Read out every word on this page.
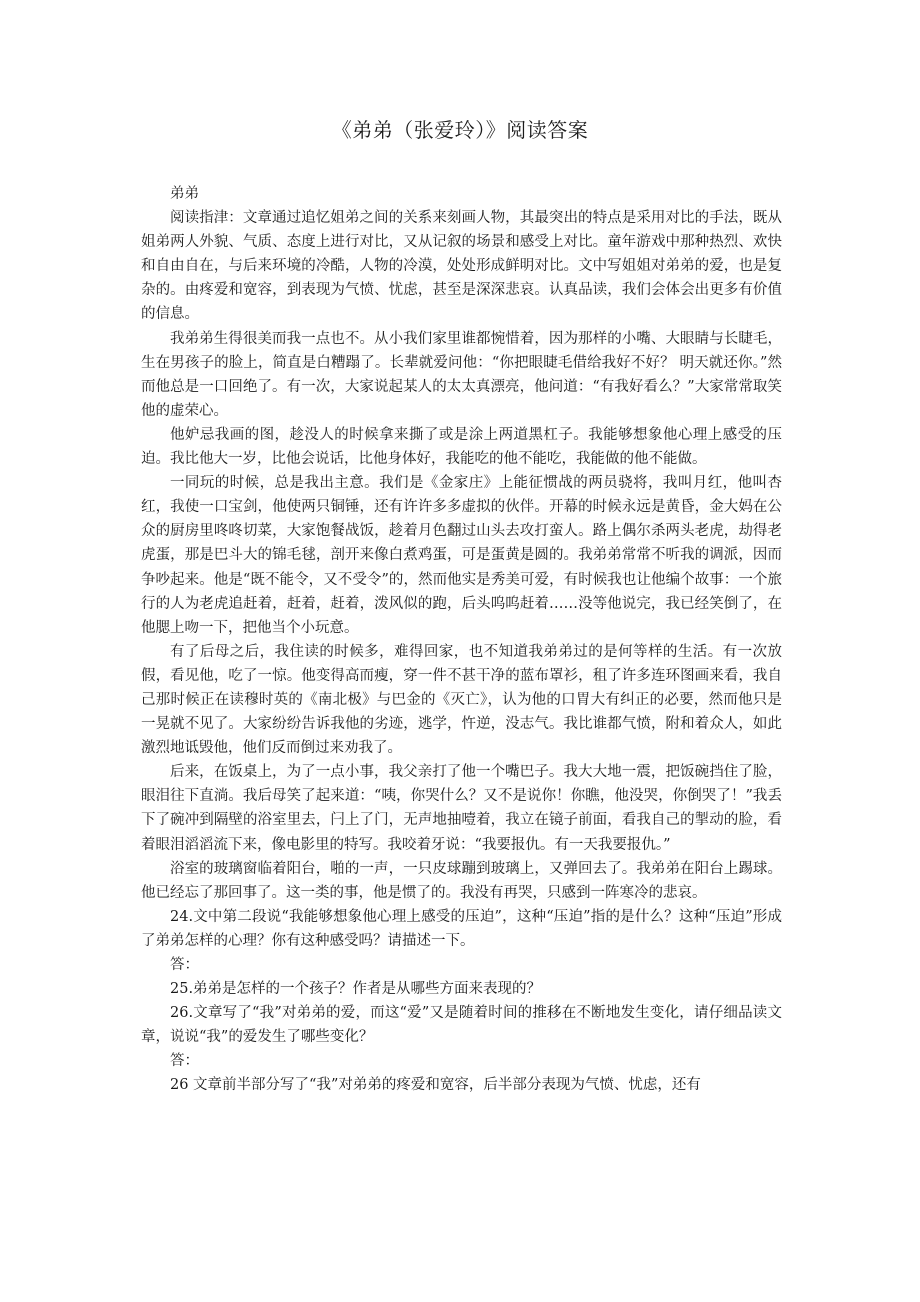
《弟弟（张爱玲）》阅读答案

弟弟

阅读指津：文章通过追忆姐弟之间的关系来刻画人物，其最突出的特点是采用对比的手法，既从姐弟两人外貌、气质、态度上进行对比，又从记叙的场景和感受上对比。童年游戏中那种热烈、欢快和自由自在，与后来环境的冷酷，人物的冷漠，处处形成鲜明对比。文中写姐姐对弟弟的爱，也是复杂的。由疼爱和宽容，到表现为气愤、忧虑，甚至是深深悲哀。认真品读，我们会体会出更多有价值的信息。

我弟弟生得很美而我一点也不。从小我们家里谁都惋惜着，因为那样的小嘴、大眼睛与长睫毛，生在男孩子的脸上，简直是白糟蹋了。长辈就爱问他：“你把眼睫毛借给我好不好？ 明天就还你。”然而他总是一口回绝了。有一次，大家说起某人的太太真漂亮，他问道：“有我好看么？”大家常常取笑他的虚荣心。

他妒忌我画的图，趁没人的时候拿来撕了或是涂上两道黑杠子。我能够想象他心理上感受的压迫。我比他大一岁，比他会说话，比他身体好，我能吃的他不能吃，我能做的他不能做。

一同玩的时候，总是我出主意。我们是《金家庄》上能征惯战的两员骁将，我叫月红，他叫杏红，我使一口宝剑，他使两只铜锤，还有许许多多虚拟的伙伴。开幕的时候永远是黄昏，金大妈在公众的厨房里咚咚切菜，大家饱餐战饭，趁着月色翻过山头去攻打蛮人。路上偶尔杀两头老虎，劫得老虎蛋，那是巴斗大的锦毛毬，剖开来像白煮鸡蛋，可是蛋黄是圆的。我弟弟常常不听我的调派，因而争吵起来。他是“既不能令，又不受令”的，然而他实是秀美可爱，有时候我也让他编个故事：一个旅行的人为老虎追赶着，赶着，赶着，泼风似的跑，后头呜呜赶着……没等他说完，我已经笑倒了，在他腮上吻一下，把他当个小玩意。

有了后母之后，我住读的时候多，难得回家，也不知道我弟弟过的是何等样的生活。有一次放假，看见他，吃了一惊。他变得高而瘦，穿一件不甚干净的蓝布罩衫，租了许多连环图画来看，我自己那时候正在读穆时英的《南北极》与巴金的《灭亡》，认为他的口胃大有纠正的必要，然而他只是一晃就不见了。大家纷纷告诉我他的劣迹，逃学，忤逆，没志气。我比谁都气愤，附和着众人，如此激烈地诋毁他，他们反而倒过来劝我了。

后来，在饭桌上，为了一点小事，我父亲打了他一个嘴巴子。我大大地一震，把饭碗挡住了脸，眼泪往下直淌。我后母笑了起来道：“咦，你哭什么？又不是说你！你瞧，他没哭，你倒哭了！”我丢下了碗冲到隔壁的浴室里去，闩上了门，无声地抽噎着，我立在镜子前面，看我自己的掣动的脸，看着眼泪滔滔流下来，像电影里的特写。我咬着牙说：“我要报仇。有一天我要报仇。”

浴室的玻璃窗临着阳台，啪的一声，一只皮球蹦到玻璃上，又弹回去了。我弟弟在阳台上踢球。他已经忘了那回事了。这一类的事，他是惯了的。我没有再哭，只感到一阵寒冷的悲哀。

24.文中第二段说“我能够想象他心理上感受的压迫”，这种“压迫”指的是什么？这种“压迫”形成了弟弟怎样的心理？你有这种感受吗？请描述一下。

答：

25.弟弟是怎样的一个孩子？作者是从哪些方面来表现的？

26.文章写了“我”对弟弟的爱，而这“爱”又是随着时间的推移在不断地发生变化，请仔细品读文章，说说“我”的爱发生了哪些变化？

答：

26 文章前半部分写了“我”对弟弟的疼爱和宽容，后半部分表现为气愤、忧虑，还有
